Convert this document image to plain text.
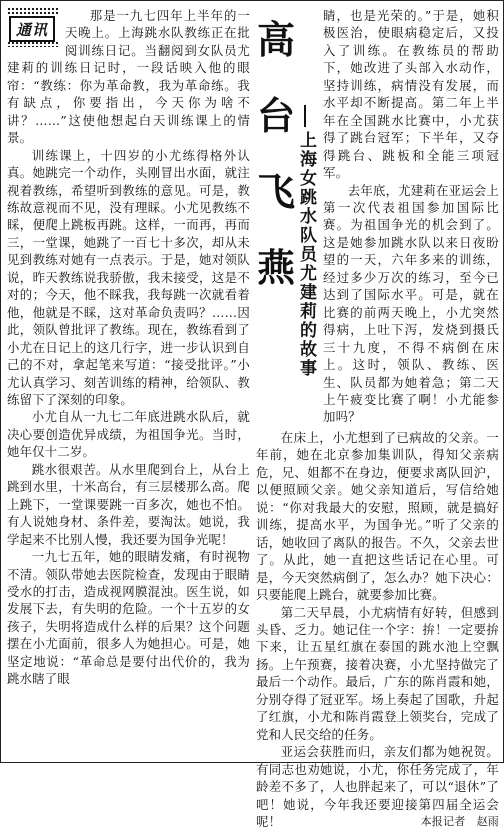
通讯

那是一九七四年上半年的一天晚上。上海跳水队教练正在批阅训练日记。当翻阅到女队员尤建莉的训练日记时，一段话映入他的眼帘：“教练：你为革命教，我为革命练。我有缺点，你要指出，今天你为啥不讲？……”这使他想起白天训练课上的情景。

训练课上，十四岁的小尤练得格外认真。她跳完一个动作，头刚冒出水面，就注视着教练，希望听到教练的意见。可是，教练故意视而不见，没有理睬。小尤见教练不睬，便爬上跳板再跳。这样，一而再，再而三，一堂课，她跳了一百七十多次，却从未见到教练对她有一点表示。于是，她对领队说，昨天教练说我骄傲，我未接受，这是不对的；今天，他不睬我，我每跳一次就看着他，他就是不睬，这对革命负责吗？……因此，领队曾批评了教练。现在，教练看到了小尤在日记上的这几行字，进一步认识到自己的不对，拿起笔来写道：“接受批评。”小尤认真学习、刻苦训练的精神，给领队、教练留下了深刻的印象。

小尤自从一九七二年底进跳水队后，就决心要创造优异成绩，为祖国争光。当时，她年仅十二岁。

跳水很艰苦。从水里爬到台上，从台上跳到水里，十米高台，有三层楼那么高。爬上跳下，一堂课要跳一百多次，她也不怕。有人说她身材、条件差，要淘汰。她说，我学起来不比别人慢，我还要为国争光呢！

一九七五年，她的眼睛发痛，有时视物不清。领队带她去医院检查，发现由于眼睛受水的打击，造成视网膜混浊。医生说，如发展下去，有失明的危险。一个十五岁的女孩子，失明将造成什么样的后果？这个问题摆在小尤面前，很多人为她担心。可是，她坚定地说：“革命总是要付出代价的，我为跳水瞎了眼

高
台
飞
燕 上海女跳水队员尤建莉的故事

睛，也是光荣的。”于是，她积极医治，使眼病稳定后，又投入了训练。在教练员的帮助下，她改进了头部入水动作，坚持训练，病情没有发展，而水平却不断提高。第二年上半年在全国跳水比赛中，小尤获得了跳台冠军；下半年，又夺得跳台、跳板和全能三项冠军。

去年底，尤建莉在亚运会上第一次代表祖国参加国际比赛。为祖国争光的机会到了。这是她参加跳水队以来日夜盼望的一天，六年多来的训练，经过多少万次的练习，至今已达到了国际水平。可是，就在比赛的前两天晚上，小尤突然得病，上吐下泻，发烧到摄氏三十九度，不得不病倒在床上。这时，领队、教练、医生、队员都为她着急；第二天上午疲变比赛了啊！小尤能参加吗？

在床上，小尤想到了已病故的父亲。一年前，她在北京参加集训队，得知父亲病危，兄、姐都不在身边，便要求离队回沪，以便照顾父亲。她父亲知道后，写信给她说：“你对我最大的安慰，照顾，就是搞好训练，提高水平，为国争光。”听了父亲的话，她收回了离队的报告。不久，父亲去世了。从此，她一直把这些话记在心里。可是，今天突然病倒了，怎么办？她下决心：只要能爬上跳台，就要参加比赛。

第二天早晨，小尤病情有好转，但感到头昏、乏力。她记住一个字：拚！一定要拚下来，让五星红旗在泰国的跳水池上空飘扬。上午预赛，接着决赛，小尤坚持做完了最后一个动作。最后，广东的陈肖霞和她，分别夺得了冠亚军。场上奏起了国歌，升起了红旗，小尤和陈肖霞登上领奖台，完成了党和人民交给的任务。

亚运会获胜而归，亲友们都为她祝贺。有同志也劝她说，小尤，你任务完成了，年龄差不多了，人也胖起来了，可以“退休”了吧！她说，今年我还要迎接第四届全运会呢！	本报记者　赵雨
